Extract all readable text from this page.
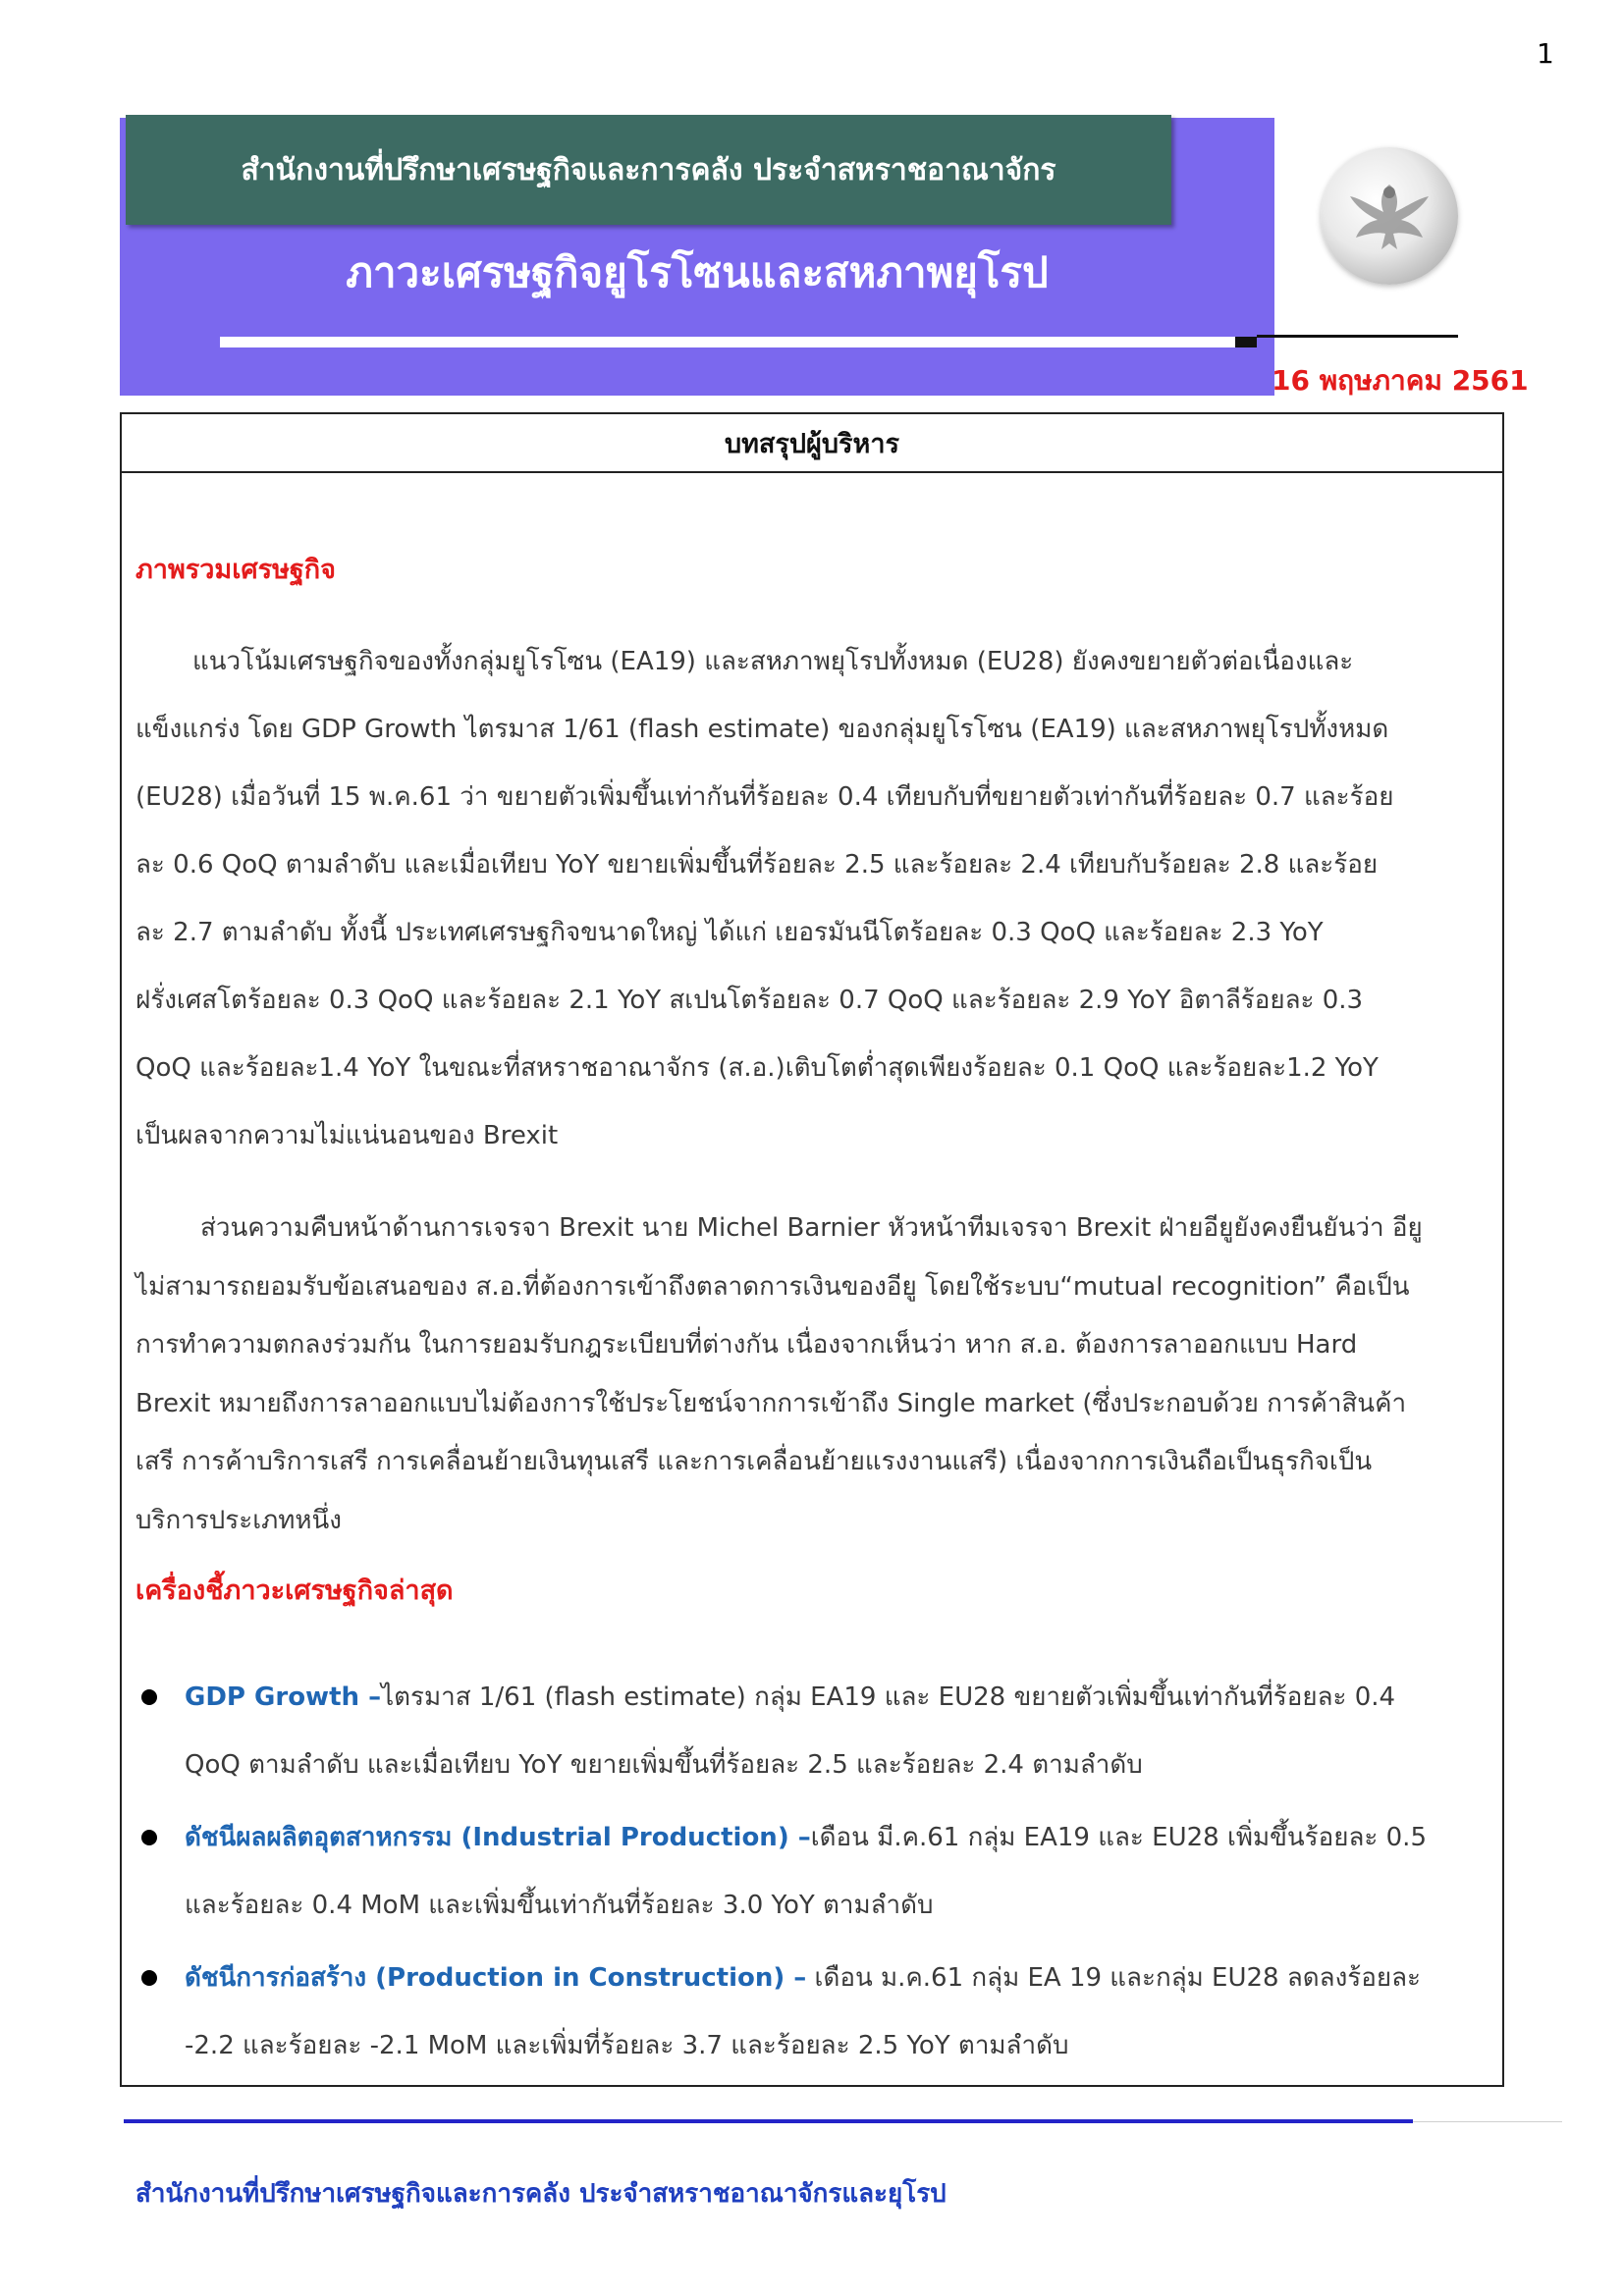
1
สำนักงานที่ปรึกษาเศรษฐกิจและการคลัง ประจำสหราชอาณาจักร
ภาวะเศรษฐกิจยูโรโซนและสหภาพยุโรป
16 พฤษภาคม 2561
บทสรุปผู้บริหาร
ภาพรวมเศรษฐกิจ
แนวโน้มเศรษฐกิจของทั้งกลุ่มยูโรโซน (EA19) และสหภาพยุโรปทั้งหมด (EU28) ยังคงขยายตัวต่อเนื่องและ
แข็งแกร่ง โดย GDP Growth ไตรมาส 1/61 (flash estimate) ของกลุ่มยูโรโซน (EA19) และสหภาพยุโรปทั้งหมด
(EU28) เมื่อวันที่ 15 พ.ค.61 ว่า ขยายตัวเพิ่มขึ้นเท่ากันที่ร้อยละ 0.4 เทียบกับที่ขยายตัวเท่ากันที่ร้อยละ 0.7 และร้อย
ละ 0.6 QoQ ตามลำดับ และเมื่อเทียบ YoY ขยายเพิ่มขึ้นที่ร้อยละ 2.5 และร้อยละ 2.4 เทียบกับร้อยละ 2.8 และร้อย
ละ 2.7 ตามลำดับ ทั้งนี้ ประเทศเศรษฐกิจขนาดใหญ่ ได้แก่ เยอรมันนีโตร้อยละ 0.3 QoQ และร้อยละ 2.3 YoY
ฝรั่งเศสโตร้อยละ 0.3 QoQ และร้อยละ 2.1 YoY สเปนโตร้อยละ 0.7 QoQ และร้อยละ 2.9 YoY อิตาลีร้อยละ 0.3
QoQ และร้อยละ1.4 YoY ในขณะที่สหราชอาณาจักร (ส.อ.)เติบโตต่ำสุดเพียงร้อยละ 0.1 QoQ และร้อยละ1.2 YoY
เป็นผลจากความไม่แน่นอนของ Brexit
ส่วนความคืบหน้าด้านการเจรจา Brexit นาย Michel Barnier หัวหน้าทีมเจรจา Brexit ฝ่ายอียูยังคงยืนยันว่า อียู
ไม่สามารถยอมรับข้อเสนอของ ส.อ.ที่ต้องการเข้าถึงตลาดการเงินของอียู โดยใช้ระบบ“mutual recognition” คือเป็น
การทำความตกลงร่วมกัน ในการยอมรับกฎระเบียบที่ต่างกัน เนื่องจากเห็นว่า หาก ส.อ. ต้องการลาออกแบบ Hard
Brexit หมายถึงการลาออกแบบไม่ต้องการใช้ประโยชน์จากการเข้าถึง Single market (ซึ่งประกอบด้วย การค้าสินค้า
เสรี การค้าบริการเสรี การเคลื่อนย้ายเงินทุนเสรี และการเคลื่อนย้ายแรงงานแสรี) เนื่องจากการเงินถือเป็นธุรกิจเป็น
บริการประเภทหนึ่ง
เครื่องชี้ภาวะเศรษฐกิจล่าสุด
GDP Growth –ไตรมาส 1/61 (flash estimate) กลุ่ม EA19 และ EU28 ขยายตัวเพิ่มขึ้นเท่ากันที่ร้อยละ 0.4
QoQ ตามลำดับ และเมื่อเทียบ YoY ขยายเพิ่มขึ้นที่ร้อยละ 2.5 และร้อยละ 2.4 ตามลำดับ
ดัชนีผลผลิตอุตสาหกรรม (Industrial Production) –เดือน มี.ค.61 กลุ่ม EA19 และ EU28 เพิ่มขึ้นร้อยละ 0.5
และร้อยละ 0.4 MoM และเพิ่มขึ้นเท่ากันที่ร้อยละ 3.0 YoY ตามลำดับ
ดัชนีการก่อสร้าง (Production in Construction) – เดือน ม.ค.61 กลุ่ม EA 19 และกลุ่ม EU28 ลดลงร้อยละ
-2.2 และร้อยละ -2.1 MoM และเพิ่มที่ร้อยละ 3.7 และร้อยละ 2.5 YoY ตามลำดับ
สำนักงานที่ปรึกษาเศรษฐกิจและการคลัง ประจำสหราชอาณาจักรและยุโรป
